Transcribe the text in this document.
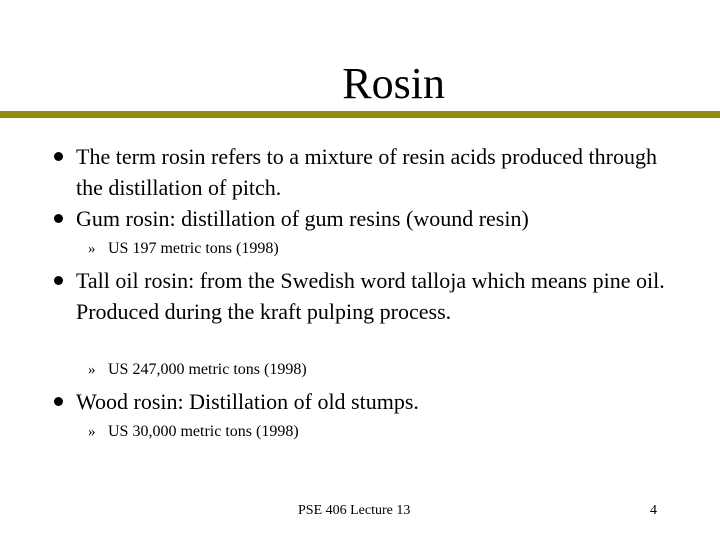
Rosin
The term rosin refers to a mixture of resin acids produced through the distillation of pitch.
Gum rosin: distillation of gum resins (wound resin)
» US 197 metric tons (1998)
Tall oil rosin: from the Swedish word talloja which means pine oil. Produced during the kraft pulping process.
» US 247,000 metric tons (1998)
Wood rosin: Distillation of old stumps.
» US 30,000 metric tons (1998)
PSE 406 Lecture 13	4
